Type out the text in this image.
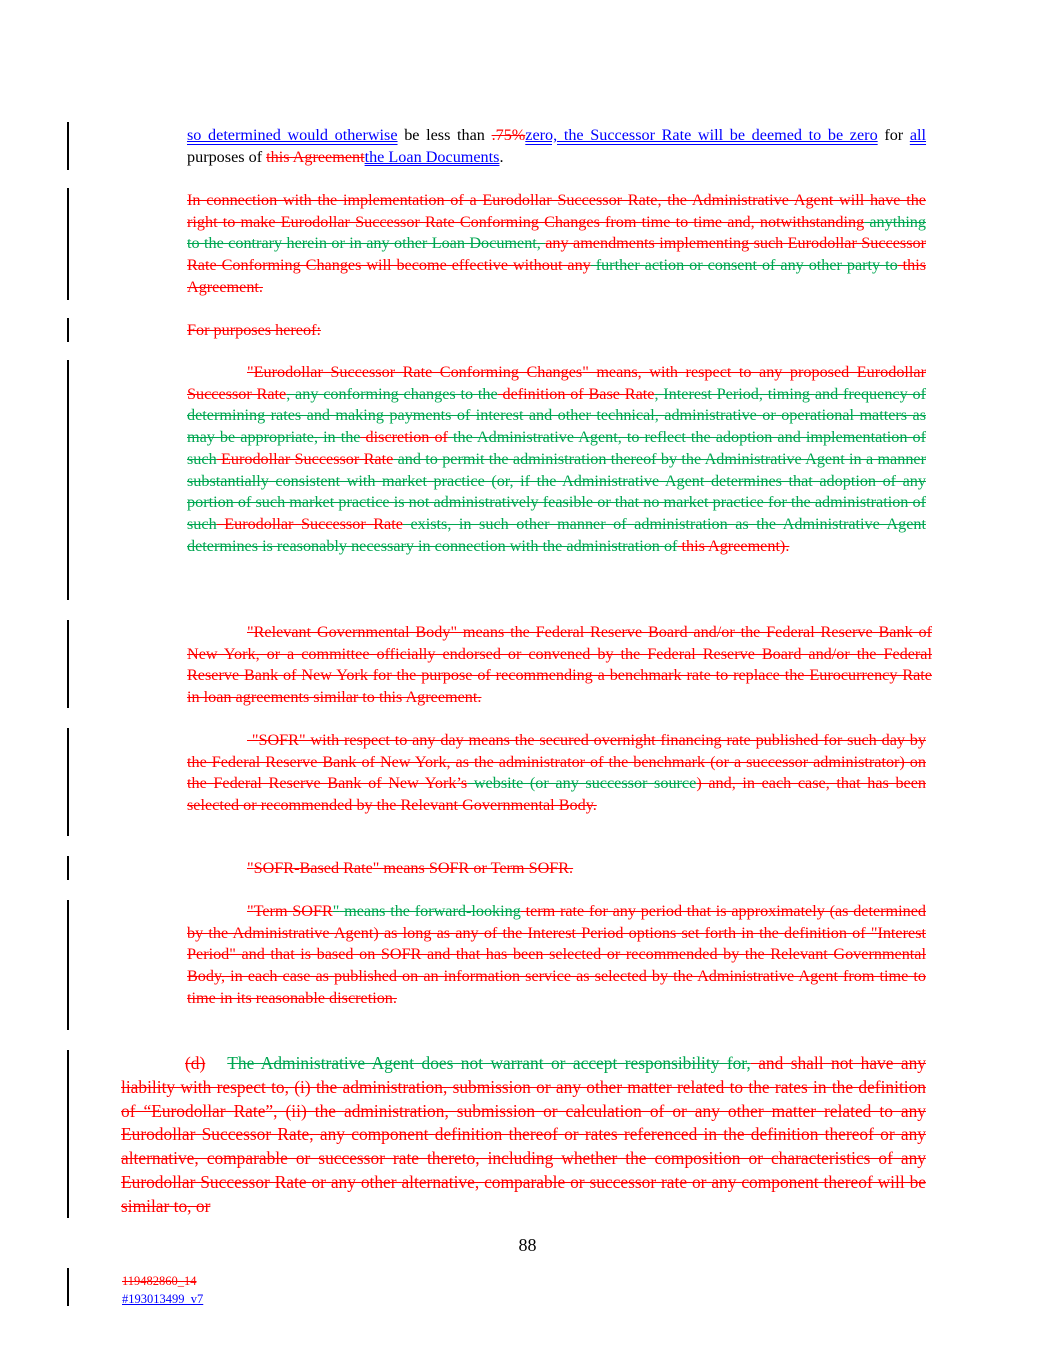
so determined would otherwise be less than .75%zero, the Successor Rate will be deemed to be zero for all purposes of this Agreementthe Loan Documents.
In connection with the implementation of a Eurodollar Successor Rate, the Administrative Agent will have the right to make Eurodollar Successor Rate Conforming Changes from time to time and, notwithstanding anything to the contrary herein or in any other Loan Document, any amendments implementing such Eurodollar Successor Rate Conforming Changes will become effective without any further action or consent of any other party to this Agreement.
For purposes hereof:
"Eurodollar Successor Rate Conforming Changes" means, with respect to any proposed Eurodollar Successor Rate, any conforming changes to the definition of Base Rate, Interest Period, timing and frequency of determining rates and making payments of interest and other technical, administrative or operational matters as may be appropriate, in the discretion of the Administrative Agent, to reflect the adoption and implementation of such Eurodollar Successor Rate and to permit the administration thereof by the Administrative Agent in a manner substantially consistent with market practice (or, if the Administrative Agent determines that adoption of any portion of such market practice is not administratively feasible or that no market practice for the administration of such Eurodollar Successor Rate exists, in such other manner of administration as the Administrative Agent determines is reasonably necessary in connection with the administration of this Agreement).
"Relevant Governmental Body" means the Federal Reserve Board and/or the Federal Reserve Bank of New York, or a committee officially endorsed or convened by the Federal Reserve Board and/or the Federal Reserve Bank of New York for the purpose of recommending a benchmark rate to replace the Eurocurrency Rate in loan agreements similar to this Agreement.
"SOFR" with respect to any day means the secured overnight financing rate published for such day by the Federal Reserve Bank of New York, as the administrator of the benchmark (or a successor administrator) on the Federal Reserve Bank of New York’s website (or any successor source) and, in each case, that has been selected or recommended by the Relevant Governmental Body.
"SOFR-Based Rate" means SOFR or Term SOFR.
"Term SOFR" means the forward-looking term rate for any period that is approximately (as determined by the Administrative Agent) as long as any of the Interest Period options set forth in the definition of "Interest Period" and that is based on SOFR and that has been selected or recommended by the Relevant Governmental Body, in each case as published on an information service as selected by the Administrative Agent from time to time in its reasonable discretion.
(d) The Administrative Agent does not warrant or accept responsibility for, and shall not have any liability with respect to, (i) the administration, submission or any other matter related to the rates in the definition of “Eurodollar Rate”, (ii) the administration, submission or calculation of or any other matter related to any Eurodollar Successor Rate, any component definition thereof or rates referenced in the definition thereof or any alternative, comparable or successor rate thereto, including whether the composition or characteristics of any Eurodollar Successor Rate or any other alternative, comparable or successor rate or any component thereof will be similar to, or
88
119482860_14
#193013499_v7
